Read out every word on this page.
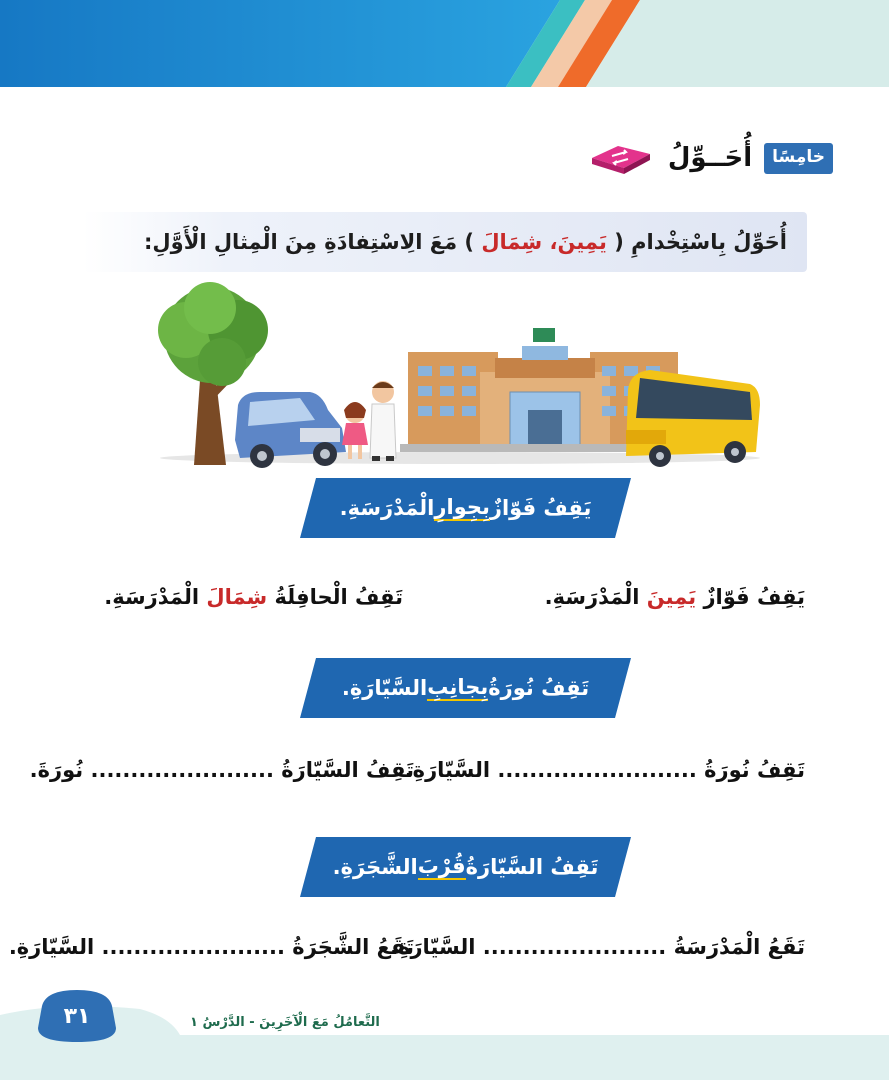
خامِسًا
أُحَــوِّلُ
أُحَوِّلُ بِاسْتِخْدامِ (

يَمِينَ
،

شِمَالَ

) مَعَ الِاسْتِفادَةِ مِنَ الْمِثالِ الْأَوَّلِ:
يَقِفُ فَوّازٌ
بِجِوارِ
الْمَدْرَسَةِ.
يَقِفُ فَوّازٌ يَمِينَ الْمَدْرَسَةِ.
تَقِفُ الْحافِلَةُ شِمَالَ الْمَدْرَسَةِ.
تَقِفُ نُورَةُ
بِجانِبِ
السَّيّارَةِ.
تَقِفُ نُورَةُ ......................... السَّيّارَةِ.
تَقِفُ السَّيّارَةُ ....................... نُورَةَ.
تَقِفُ السَّيّارَةُ
قُرْبَ
الشَّجَرَةِ.
تَقَعُ الْمَدْرَسَةُ ....................... السَّيّارَةِ.
تَقَعُ الشَّجَرَةُ ....................... السَّيّارَةِ.
٣١	التَّعامُلُ مَعَ الْآخَرِينَ - الدَّرْسُ ١
